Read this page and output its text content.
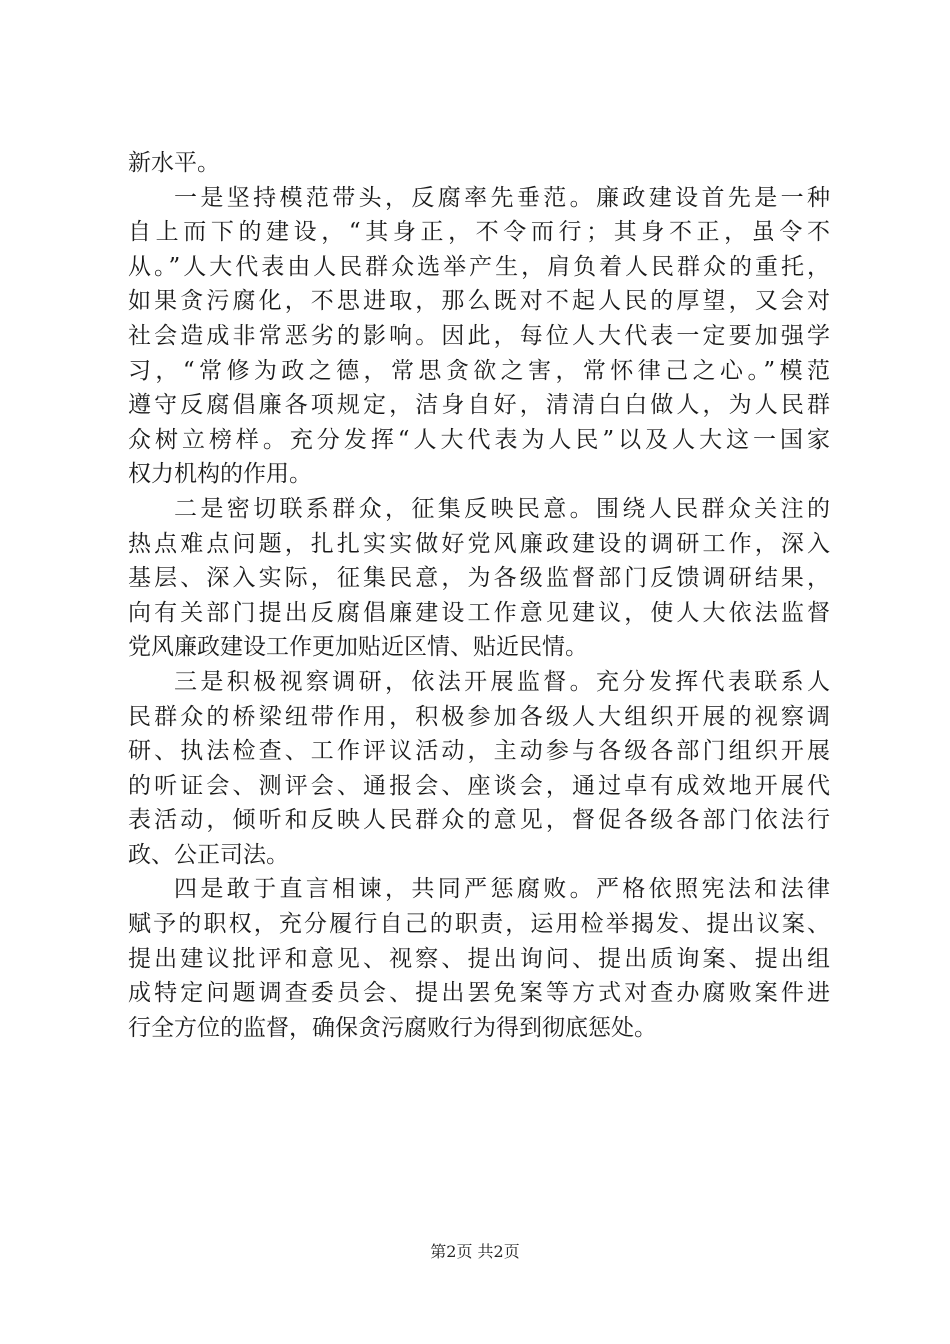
新水平。
一是坚持模范带头，反腐率先垂范。廉政建设首先是一种
自上而下的建设，“其身正，不令而行；其身不正，虽令不
从。”人大代表由人民群众选举产生，肩负着人民群众的重托，
如果贪污腐化，不思进取，那么既对不起人民的厚望，又会对
社会造成非常恶劣的影响。因此，每位人大代表一定要加强学
习，“常修为政之德，常思贪欲之害，常怀律己之心。”模范
遵守反腐倡廉各项规定，洁身自好，清清白白做人，为人民群
众树立榜样。充分发挥“人大代表为人民”以及人大这一国家
权力机构的作用。
二是密切联系群众，征集反映民意。围绕人民群众关注的
热点难点问题，扎扎实实做好党风廉政建设的调研工作，深入
基层、深入实际，征集民意，为各级监督部门反馈调研结果，
向有关部门提出反腐倡廉建设工作意见建议，使人大依法监督
党风廉政建设工作更加贴近区情、贴近民情。
三是积极视察调研，依法开展监督。充分发挥代表联系人
民群众的桥梁纽带作用，积极参加各级人大组织开展的视察调
研、执法检查、工作评议活动，主动参与各级各部门组织开展
的听证会、测评会、通报会、座谈会，通过卓有成效地开展代
表活动，倾听和反映人民群众的意见，督促各级各部门依法行
政、公正司法。
四是敢于直言相谏，共同严惩腐败。严格依照宪法和法律
赋予的职权，充分履行自己的职责，运用检举揭发、提出议案、
提出建议批评和意见、视察、提出询问、提出质询案、提出组
成特定问题调查委员会、提出罢免案等方式对查办腐败案件进
行全方位的监督，确保贪污腐败行为得到彻底惩处。
第2页 共2页
